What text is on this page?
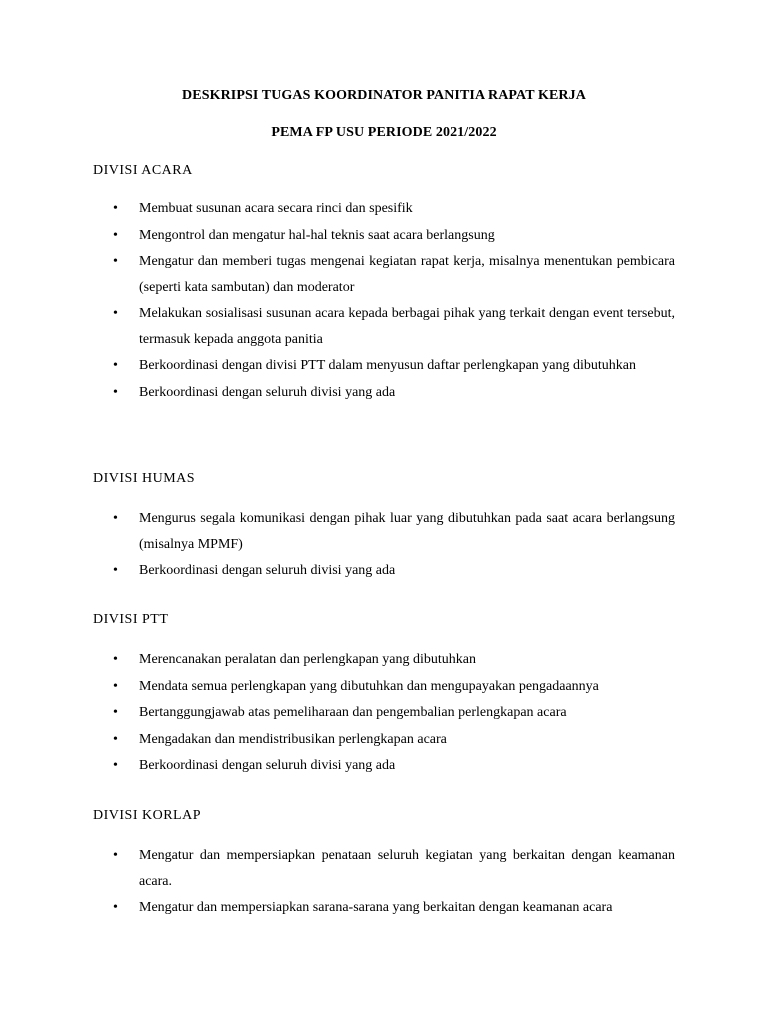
DESKRIPSI TUGAS KOORDINATOR PANITIA RAPAT KERJA
PEMA FP USU PERIODE 2021/2022
DIVISI ACARA
• Membuat susunan acara secara rinci dan spesifik
• Mengontrol dan mengatur hal-hal teknis saat acara berlangsung
• Mengatur dan memberi tugas mengenai kegiatan rapat kerja, misalnya menentukan pembicara (seperti kata sambutan) dan moderator
• Melakukan sosialisasi susunan acara kepada berbagai pihak yang terkait dengan event tersebut, termasuk kepada anggota panitia
• Berkoordinasi dengan divisi PTT dalam menyusun daftar perlengkapan yang dibutuhkan
• Berkoordinasi dengan seluruh divisi yang ada
DIVISI HUMAS
• Mengurus segala komunikasi dengan pihak luar yang dibutuhkan pada saat acara berlangsung (misalnya MPMF)
• Berkoordinasi dengan seluruh divisi yang ada
DIVISI PTT
• Merencanakan peralatan dan perlengkapan yang dibutuhkan
• Mendata semua perlengkapan yang dibutuhkan dan mengupayakan pengadaannya
• Bertanggungjawab atas pemeliharaan dan pengembalian perlengkapan acara
• Mengadakan dan mendistribusikan perlengkapan acara
• Berkoordinasi dengan seluruh divisi yang ada
DIVISI KORLAP
• Mengatur dan mempersiapkan penataan seluruh kegiatan yang berkaitan dengan keamanan acara.
• Mengatur dan mempersiapkan sarana-sarana yang berkaitan dengan keamanan acara
